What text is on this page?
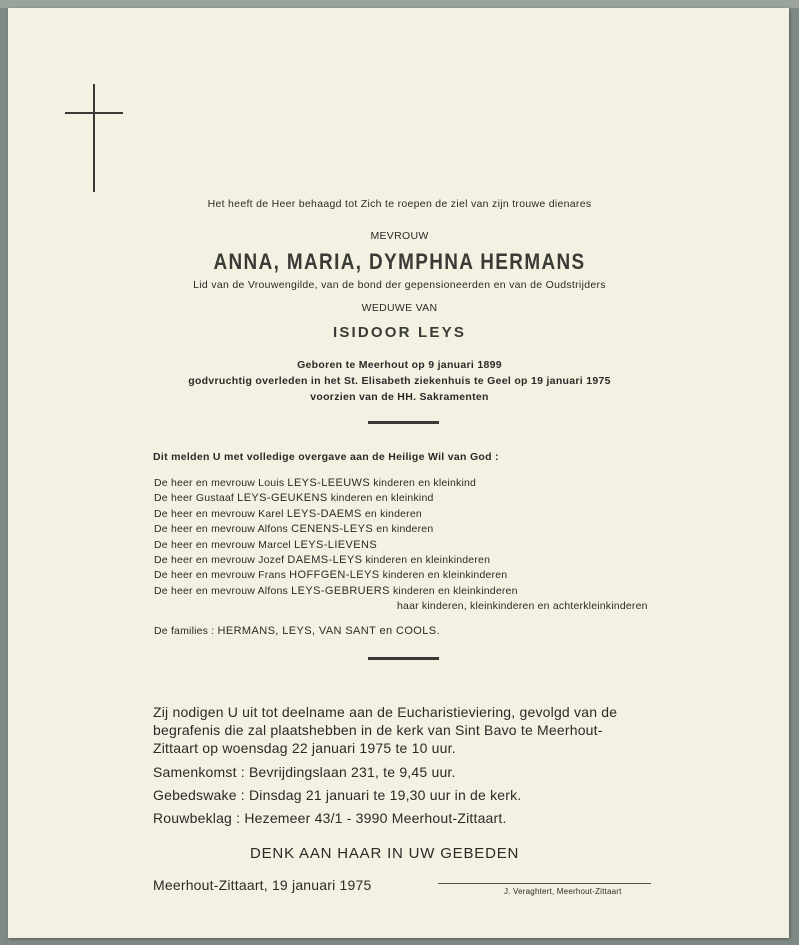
Het heeft de Heer behaagd tot Zich te roepen de ziel van zijn trouwe dienares
MEVROUW
ANNA, MARIA, DYMPHNA HERMANS
Lid van de Vrouwengilde, van de bond der gepensioneerden en van de Oudstrijders
WEDUWE VAN
ISIDOOR LEYS
Geboren te Meerhout op 9 januari 1899
godvruchtig overleden in het St. Elisabeth ziekenhuis te Geel op 19 januari 1975
voorzien van de HH. Sakramenten
Dit melden U met volledige overgave aan de Heilige Wil van God :
De heer en mevrouw Louis LEYS-LEEUWS kinderen en kleinkind
De heer Gustaaf LEYS-GEUKENS kinderen en kleinkind
De heer en mevrouw Karel LEYS-DAEMS en kinderen
De heer en mevrouw Alfons CENENS-LEYS en kinderen
De heer en mevrouw Marcel LEYS-LIEVENS
De heer en mevrouw Jozef DAEMS-LEYS kinderen en kleinkinderen
De heer en mevrouw Frans HOFFGEN-LEYS kinderen en kleinkinderen
De heer en mevrouw Alfons LEYS-GEBRUERS kinderen en kleinkinderen
haar kinderen, kleinkinderen en achterkleinkinderen
De families : HERMANS, LEYS, VAN SANT en COOLS.
Zij nodigen U uit tot deelname aan de Eucharistieviering, gevolgd van de
begrafenis die zal plaatshebben in de kerk van Sint Bavo te Meerhout-
Zittaart op woensdag 22 januari 1975 te 10 uur.
Samenkomst : Bevrijdingslaan 231, te 9,45 uur.
Gebedswake : Dinsdag 21 januari te 19,30 uur in de kerk.
Rouwbeklag : Hezemeer 43/1 - 3990 Meerhout-Zittaart.
DENK AAN HAAR IN UW GEBEDEN
Meerhout-Zittaart, 19 januari 1975	J. Veraghtert, Meerhout-Zittaart
